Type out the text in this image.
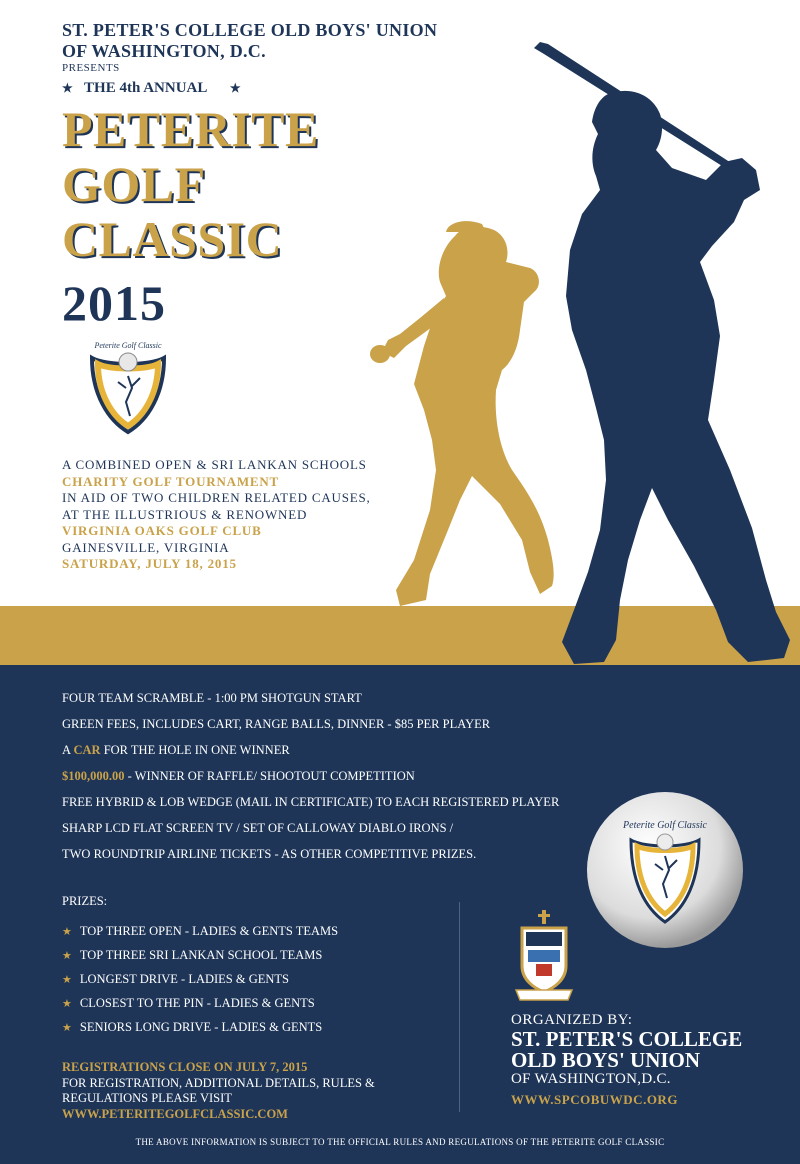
ST. PETER'S COLLEGE OLD BOYS' UNION
OF WASHINGTON, D.C.
PRESENTS
★ THE 4th ANNUAL ★
PETERITE
GOLF
CLASSIC
2015
Peterite Golf Classic
A COMBINED OPEN & SRI LANKAN SCHOOLS
CHARITY GOLF TOURNAMENT
IN AID OF TWO CHILDREN RELATED CAUSES,
AT THE ILLUSTRIOUS & RENOWNED
VIRGINIA OAKS GOLF CLUB
GAINESVILLE, VIRGINIA
SATURDAY, JULY 18, 2015
FOUR TEAM SCRAMBLE - 1:00 PM SHOTGUN START
GREEN FEES, INCLUDES CART, RANGE BALLS, DINNER - $85 PER PLAYER
A CAR FOR THE HOLE IN ONE WINNER
$100,000.00 - WINNER OF RAFFLE/ SHOOTOUT COMPETITION
FREE HYBRID & LOB WEDGE (MAIL IN CERTIFICATE) TO EACH REGISTERED PLAYER
SHARP LCD FLAT SCREEN TV / SET OF CALLOWAY DIABLO IRONS /
TWO ROUNDTRIP AIRLINE TICKETS - AS OTHER COMPETITIVE PRIZES.
PRIZES:
★ TOP THREE OPEN - LADIES & GENTS TEAMS
★ TOP THREE SRI LANKAN SCHOOL TEAMS
★ LONGEST DRIVE - LADIES & GENTS
★ CLOSEST TO THE PIN - LADIES & GENTS
★ SENIORS LONG DRIVE - LADIES & GENTS
REGISTRATIONS CLOSE ON JULY 7, 2015
FOR REGISTRATION, ADDITIONAL DETAILS, RULES &
REGULATIONS PLEASE VISIT
WWW.PETERITEGOLFCLASSIC.COM
Peterite Golf Classic
ORGANIZED BY:
ST. PETER'S COLLEGE
OLD BOYS' UNION
OF WASHINGTON,D.C.
WWW.SPCOBUWDC.ORG
THE ABOVE INFORMATION IS SUBJECT TO THE OFFICIAL RULES AND REGULATIONS OF THE PETERITE GOLF CLASSIC
